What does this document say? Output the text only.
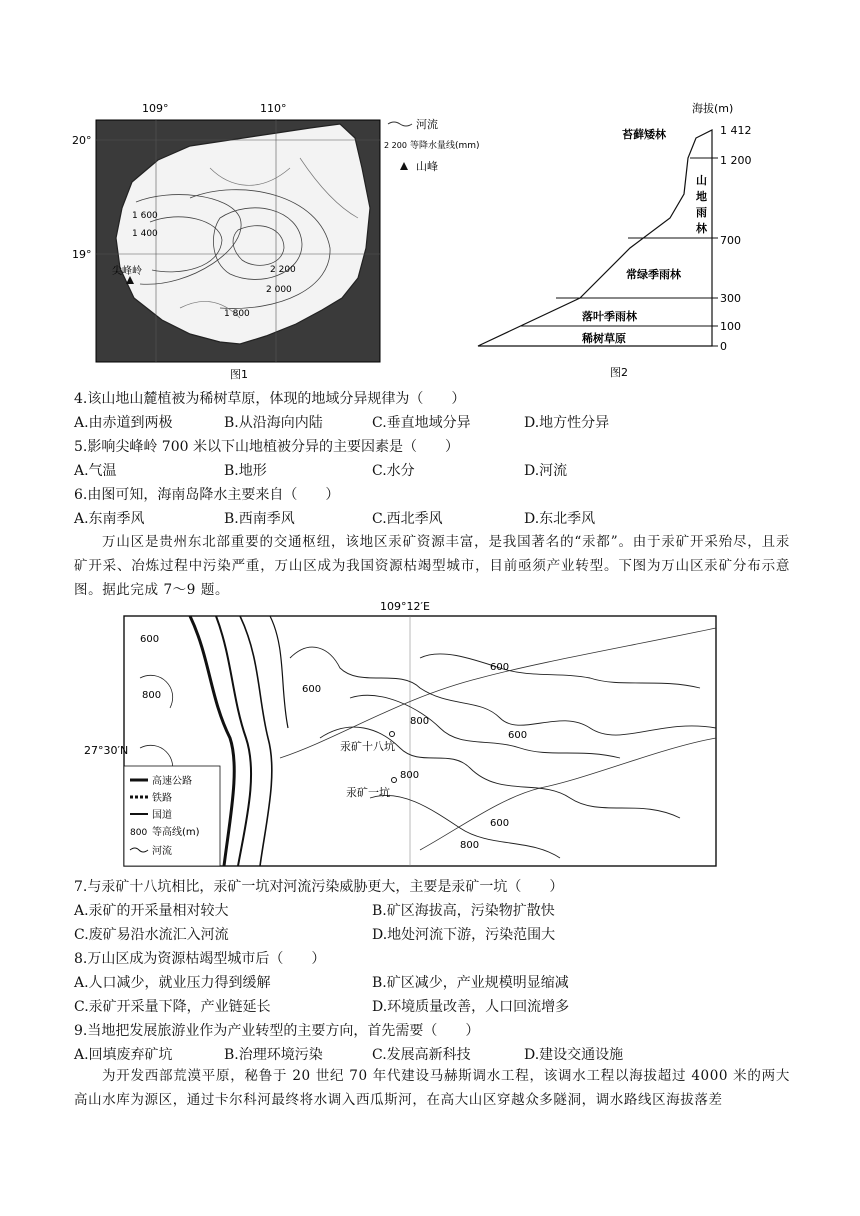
尖峰岭
1 600
1 400
2 200
2 000
1 800
109°	110°
20°
19°
河流
2 200 等降水量线(mm)
山峰
图1
海拔(m)
1 412
1 200
700
300
100
0
苔藓矮林
山
地
雨
林
常绿季雨林
落叶季雨林
稀树草原
图2
4.该山地山麓植被为稀树草原，体现的地域分异规律为（　　）
A.由赤道到两极	B.从沿海向内陆	C.垂直地域分异	D.地方性分异
5.影响尖峰岭 700 米以下山地植被分异的主要因素是（　　）
A.气温	B.地形	C.水分	D.河流
6.由图可知，海南岛降水主要来自（　　）
A.东南季风	B.西南季风	C.西北季风	D.东北季风
万山区是贵州东北部重要的交通枢纽，该地区汞矿资源丰富，是我国著名的“汞都”。由于汞矿开采殆尽，且汞矿开采、冶炼过程中污染严重，万山区成为我国资源枯竭型城市，目前亟须产业转型。下图为万山区汞矿分布示意图。据此完成 7～9 题。
109°12′E
600
800
600
800
600
600
800
600
800
汞矿十八坑
汞矿一坑
27°30′N
高速公路
铁路
国道
800 等高线(m)
河流
7.与汞矿十八坑相比，汞矿一坑对河流污染威胁更大，主要是汞矿一坑（　　）
A.汞矿的开采量相对较大	B.矿区海拔高，污染物扩散快
C.废矿易沿水流汇入河流	D.地处河流下游，污染范围大
8.万山区成为资源枯竭型城市后（　　）
A.人口减少，就业压力得到缓解	B.矿区减少，产业规模明显缩减
C.汞矿开采量下降，产业链延长	D.环境质量改善，人口回流增多
9.当地把发展旅游业作为产业转型的主要方向，首先需要（　　）
A.回填废弃矿坑	B.治理环境污染	C.发展高新科技	D.建设交通设施
为开发西部荒漠平原，秘鲁于 20 世纪 70 年代建设马赫斯调水工程，该调水工程以海拔超过 4000 米的两大高山水库为源区，通过卡尔科河最终将水调入西瓜斯河，在高大山区穿越众多隧洞，调水路线区海拔落差
